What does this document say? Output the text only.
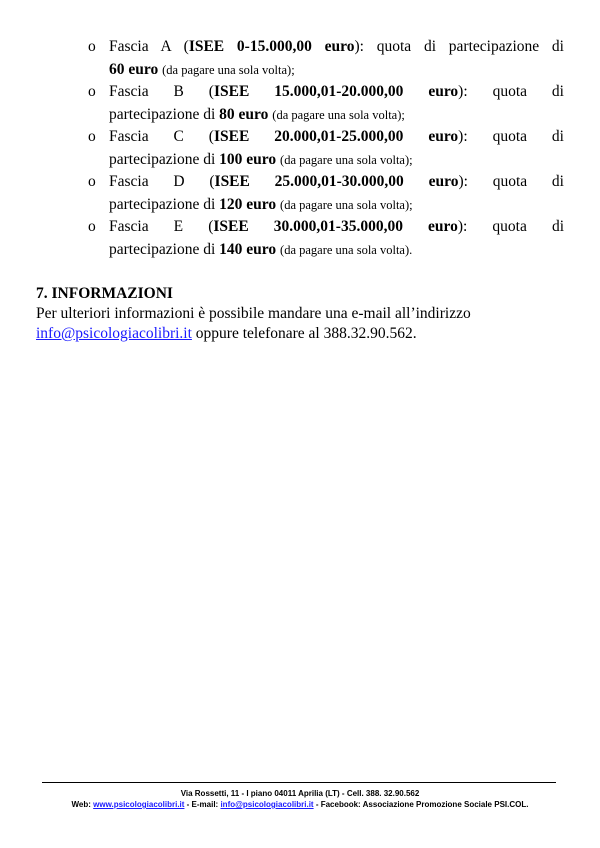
o Fascia A (ISEE 0-15.000,00 euro): quota di partecipazione di
60 euro (da pagare una sola volta);
o Fascia B (ISEE 15.000,01-20.000,00 euro): quota di
partecipazione di 80 euro (da pagare una sola volta);
o Fascia C (ISEE 20.000,01-25.000,00 euro): quota di
partecipazione di 100 euro (da pagare una sola volta);
o Fascia D (ISEE 25.000,01-30.000,00 euro): quota di
partecipazione di 120 euro (da pagare una sola volta);
o Fascia E (ISEE 30.000,01-35.000,00 euro): quota di
partecipazione di 140 euro (da pagare una sola volta).
7. INFORMAZIONI

Per ulteriori informazioni è possibile mandare una e-mail all’indirizzo
info@psicologiacolibri.it oppure telefonare al 388.32.90.562.

Via Rossetti, 11 - I piano 04011 Aprilia (LT) - Cell. 388. 32.90.562
Web: www.psicologiacolibri.it - E-mail: info@psicologiacolibri.it - Facebook: Associazione Promozione Sociale PSI.COL.
